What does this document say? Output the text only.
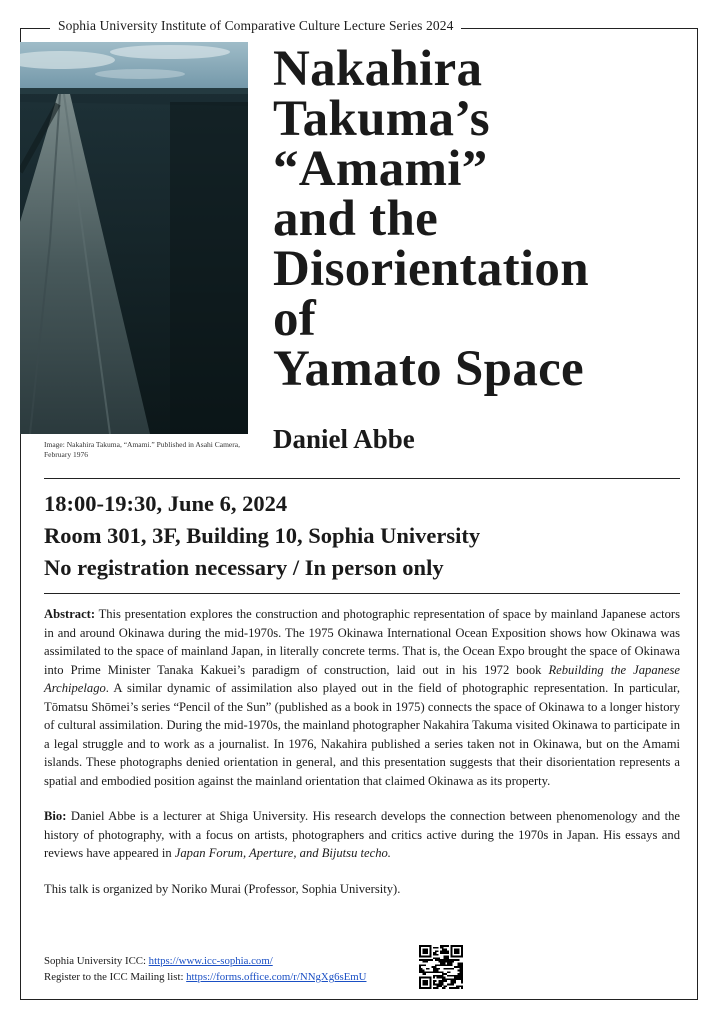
Sophia University Institute of Comparative Culture Lecture Series 2024
Image: Nakahira Takuma, “Amami.” Published in Asahi Camera, February 1976
Nakahira
Takuma’s
“Amami”
and the
Disorientation
of
Yamato Space
Daniel Abbe
18:00-19:30, June 6, 2024
Room 301, 3F, Building 10, Sophia University
No registration necessary / In person only

Abstract: This presentation explores the construction and photographic representation of space by mainland Japanese actors in and around Okinawa during the mid-1970s. The 1975 Okinawa International Ocean Exposition shows how Okinawa was assimilated to the space of mainland Japan, in literally concrete terms. That is, the Ocean Expo brought the space of Okinawa into Prime Minister Tanaka Kakuei’s paradigm of construction, laid out in his 1972 book Rebuilding the Japanese Archipelago. A similar dynamic of assimilation also played out in the field of photographic representation. In particular, Tōmatsu Shōmei’s series “Pencil of the Sun” (published as a book in 1975) connects the space of Okinawa to a longer history of cultural assimilation. During the mid-1970s, the mainland photographer Nakahira Takuma visited Okinawa to participate in a legal struggle and to work as a journalist. In 1976, Nakahira published a series taken not in Okinawa, but on the Amami islands. These photographs denied orientation in general, and this presentation suggests that their disorientation represents a spatial and embodied position against the mainland orientation that claimed Okinawa as its property.

Bio: Daniel Abbe is a lecturer at Shiga University. His research develops the connection between phenomenology and the history of photography, with a focus on artists, photographers and critics active during the 1970s in Japan. His essays and reviews have appeared in Japan Forum, Aperture, and Bijutsu techo.

This talk is organized by Noriko Murai (Professor, Sophia University).

Sophia University ICC: https://www.icc-sophia.com/
Register to the ICC Mailing list: https://forms.office.com/r/NNgXg6sEmU
